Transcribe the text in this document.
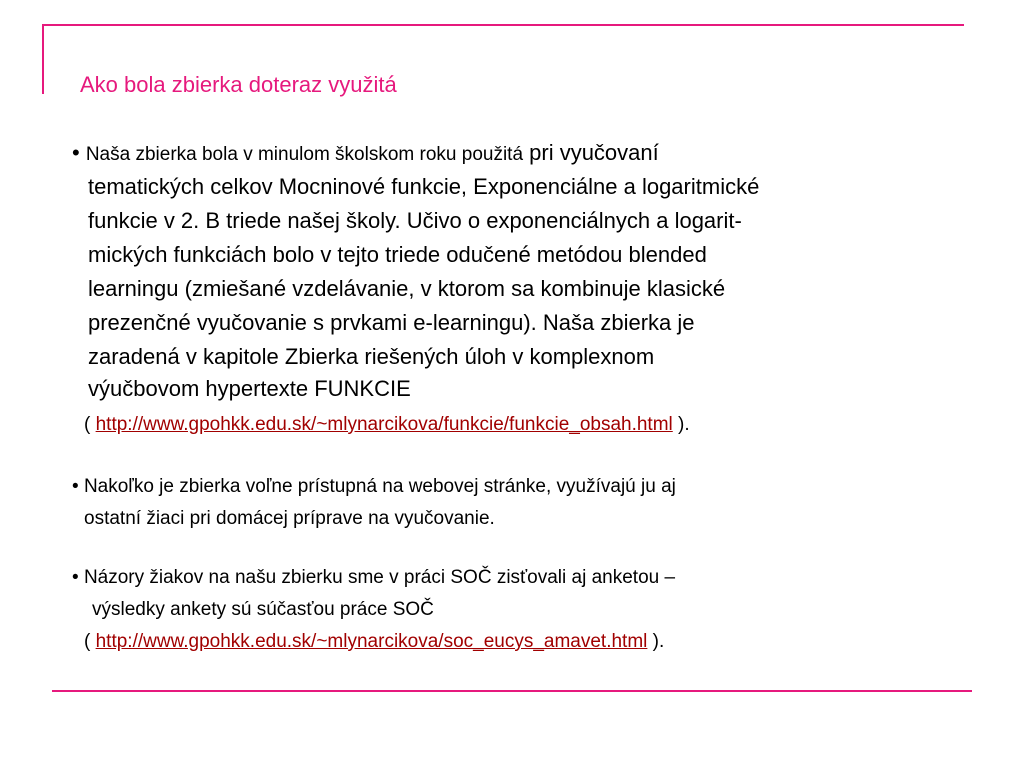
Ako bola zbierka doteraz využitá
• Naša zbierka bola v minulom školskom roku použitá pri vyučovaní
tematických celkov Mocninové funkcie, Exponenciálne a logaritmické
funkcie v 2. B triede našej školy. Učivo o exponenciálnych a logarit-
mických funkciách bolo v tejto triede odučené metódou blended
learningu (zmiešané vzdelávanie, v ktorom sa kombinuje klasické
prezenčné vyučovanie s prvkami e-learningu). Naša zbierka je
zaradená v kapitole Zbierka riešených úloh v komplexnom
výučbovom hypertexte FUNKCIE
( http://www.gpohkk.edu.sk/~mlynarcikova/funkcie/funkcie_obsah.html ).
• Nakoľko je zbierka voľne prístupná na webovej stránke, využívajú ju aj
ostatní žiaci pri domácej príprave na vyučovanie.
• Názory žiakov na našu zbierku sme v práci SOČ zisťovali aj anketou –
výsledky ankety sú súčasťou práce SOČ
( http://www.gpohkk.edu.sk/~mlynarcikova/soc_eucys_amavet.html ).
